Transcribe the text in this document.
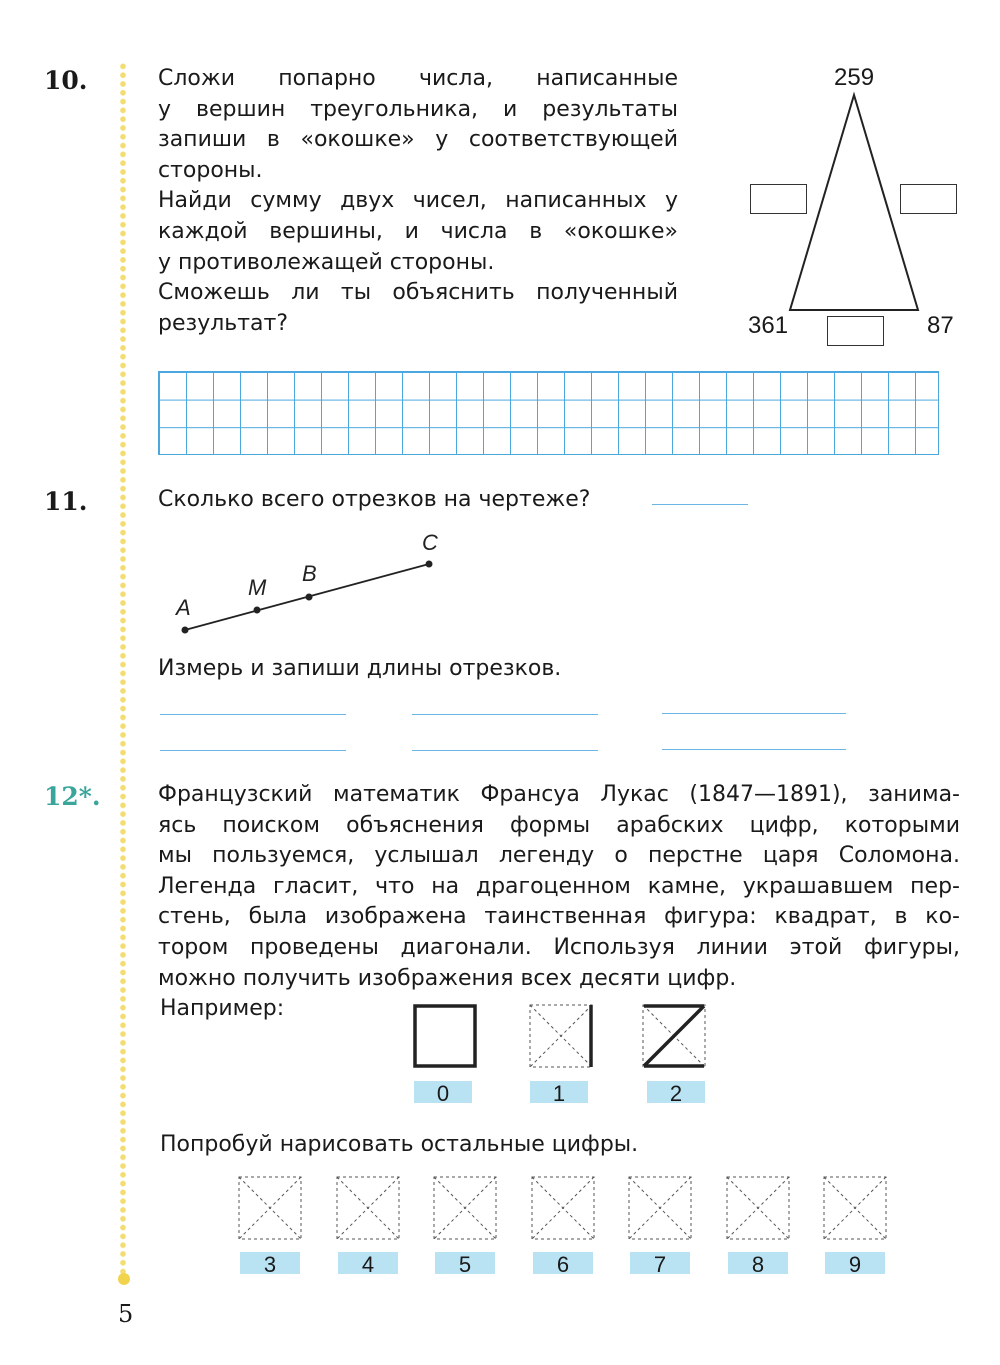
10.	Сложи попарно числа, написанные

у вершин треугольника, и результаты

запиши в «окошке» у соответствующей

стороны.

Найди сумму двух чисел, написанных у

каждой вершины, и числа в «окошке»

у противолежащей стороны.

Сможешь ли ты объяснить полученный

результат?

259
361	87
11.	Сколько всего отрезков на чертеже?
A
M
B
C
Измерь и запиши длины отрезков.
12*.	Французский математик Франсуа Лукас (1847—1891), занима-

ясь поиском объяснения формы арабских цифр, которыми

мы пользуемся, услышал легенду о перстне царя Соломона.

Легенда гласит, что на драгоценном камне, украшавшем пер-

стень, была изображена таинственная фигура: квадрат, в ко-

тором проведены диагонали. Используя линии этой фигуры,

можно получить изображения всех десяти цифр.

Например:
0	1	2
Попробуй нарисовать остальные цифры.
3	4	5	6	7	8	9
5
